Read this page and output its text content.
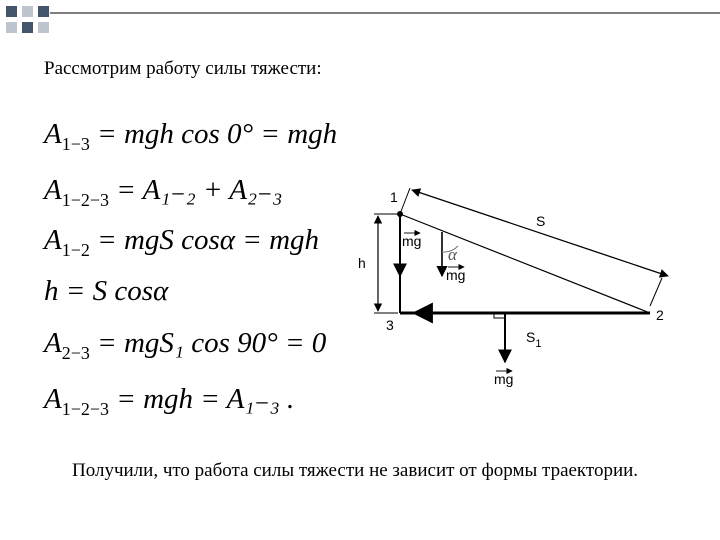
Рассмотрим работу силы тяжести:
$A_{1-3}$ = mgh cos 0° = mgh
$A_{1-2-3} = A_{1-2} + A_{2-3}$
$A_{1-2}$ = mgS cosα = mgh
h = S cosα
$A_{2-3} = mgS_1$ cos 90° = 0
$A_{1-2-3}$ = mgh = A₁₋₃ .
1
3
2
S
h	α
mg
mg
$S_1$
mg
Получили, что работа силы тяжести не зависит от формы траектории.
